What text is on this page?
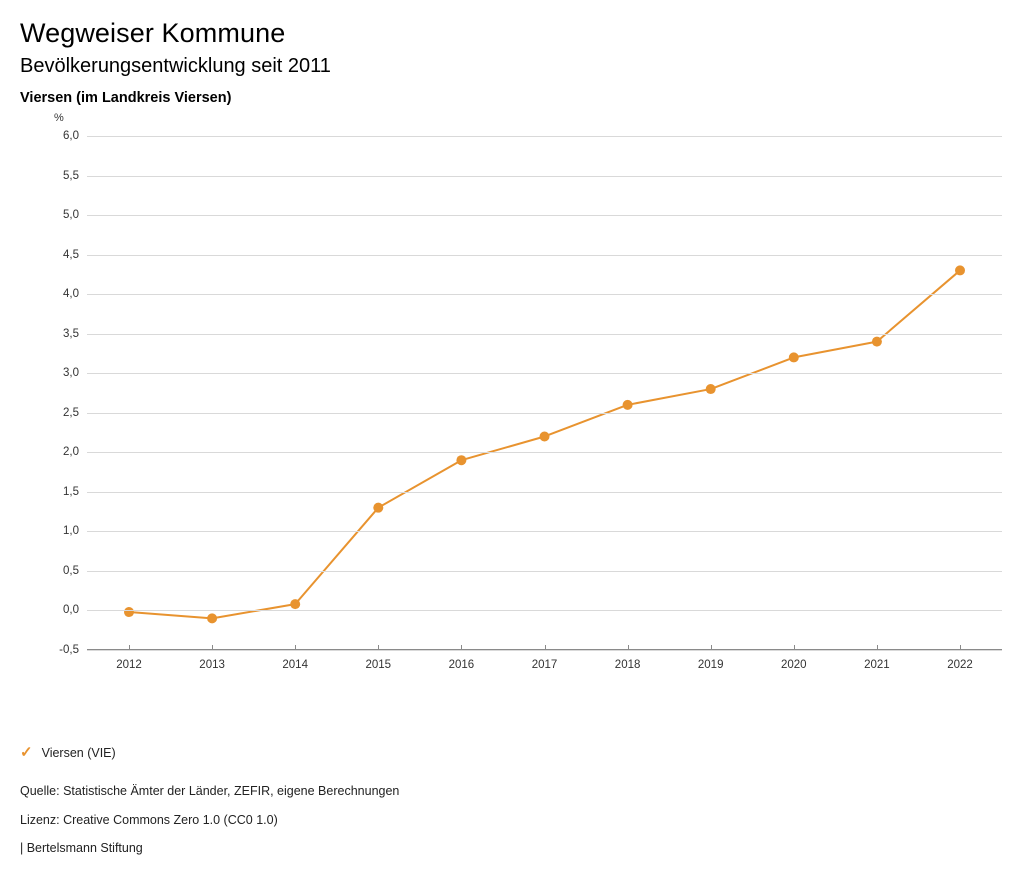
Wegweiser Kommune
Bevölkerungsentwicklung seit 2011
Viersen (im Landkreis Viersen)
%
6,0
5,5
5,0
4,5
4,0
3,5
3,0
2,5
2,0
1,5
1,0
0,5
0,0
-0,5
2012	2013	2014	2015	2016	2017	2018	2019	2020	2021	2022
✓ Viersen (VIE)
Quelle: Statistische Ämter der Länder, ZEFIR, eigene Berechnungen
Lizenz: Creative Commons Zero 1.0 (CC0 1.0)
| Bertelsmann Stiftung
